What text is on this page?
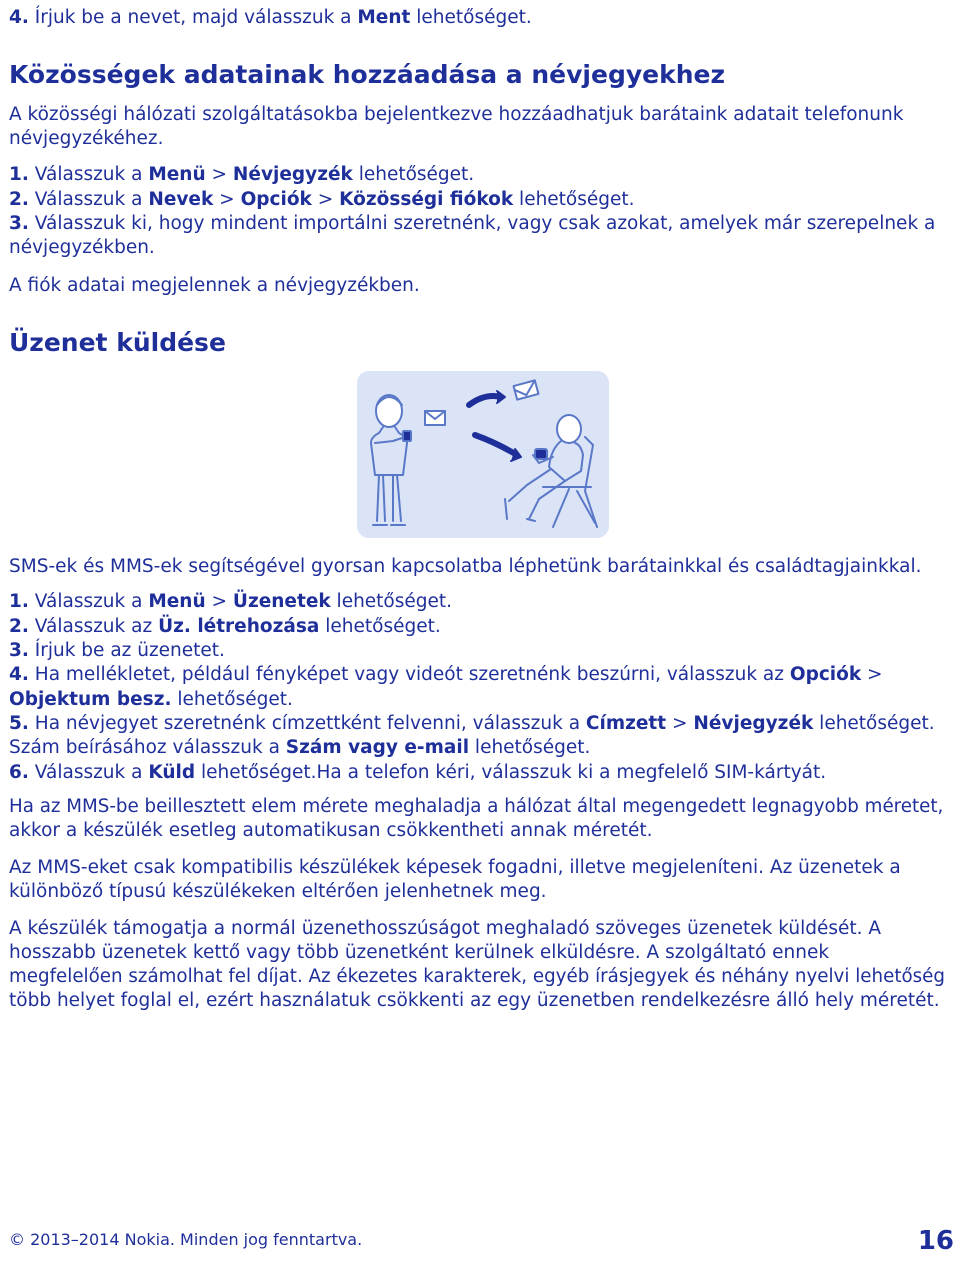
4. Írjuk be a nevet, majd válasszuk a Ment lehetőséget.
Közösségek adatainak hozzáadása a névjegyekhez
A közösségi hálózati szolgáltatásokba bejelentkezve hozzáadhatjuk barátaink adatait telefonunk
névjegyzékéhez.
1. Válasszuk a Menü > Névjegyzék lehetőséget.
2. Válasszuk a Nevek > Opciók > Közösségi fiókok lehetőséget.
3. Válasszuk ki, hogy mindent importálni szeretnénk, vagy csak azokat, amelyek már szerepelnek a
névjegyzékben.
A fiók adatai megjelennek a névjegyzékben.
Üzenet küldése
SMS-ek és MMS-ek segítségével gyorsan kapcsolatba léphetünk barátainkkal és családtagjainkkal.
1. Válasszuk a Menü > Üzenetek lehetőséget.
2. Válasszuk az Üz. létrehozása lehetőséget.
3. Írjuk be az üzenetet.
4. Ha mellékletet, például fényképet vagy videót szeretnénk beszúrni, válasszuk az Opciók >
Objektum besz. lehetőséget.
5. Ha névjegyet szeretnénk címzettként felvenni, válasszuk a Címzett > Névjegyzék lehetőséget.
Szám beírásához válasszuk a Szám vagy e-mail lehetőséget.
6. Válasszuk a Küld lehetőséget.Ha a telefon kéri, válasszuk ki a megfelelő SIM-kártyát.
Ha az MMS-be beillesztett elem mérete meghaladja a hálózat által megengedett legnagyobb méretet,
akkor a készülék esetleg automatikusan csökkentheti annak méretét.
Az MMS-eket csak kompatibilis készülékek képesek fogadni, illetve megjeleníteni. Az üzenetek a
különböző típusú készülékeken eltérően jelenhetnek meg.
A készülék támogatja a normál üzenethosszúságot meghaladó szöveges üzenetek küldését. A
hosszabb üzenetek kettő vagy több üzenetként kerülnek elküldésre. A szolgáltató ennek
megfelelően számolhat fel díjat. Az ékezetes karakterek, egyéb írásjegyek és néhány nyelvi lehetőség
több helyet foglal el, ezért használatuk csökkenti az egy üzenetben rendelkezésre álló hely méretét.
© 2013–2014 Nokia. Minden jog fenntartva.	16
